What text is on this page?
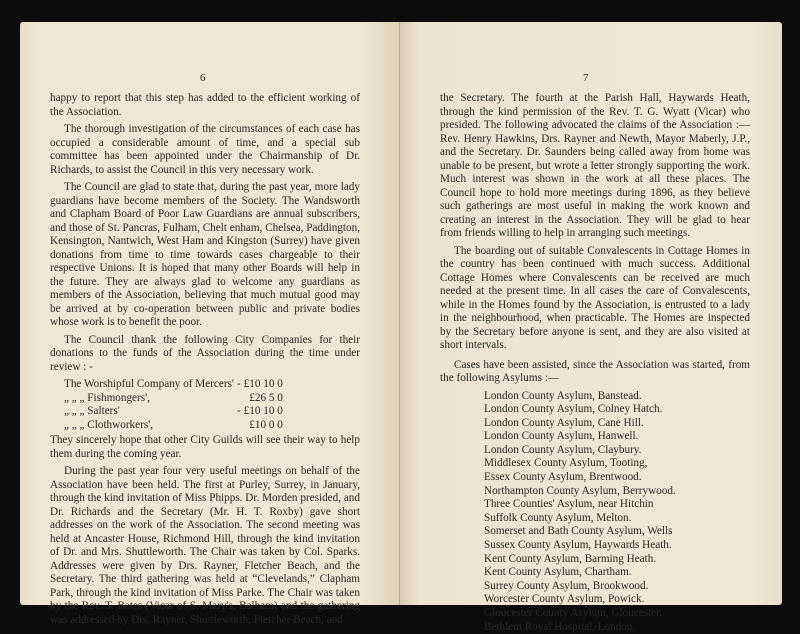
6

happy to report that this step has added to the efficient working of the Association.

The thorough investigation of the circumstances of each case has occupied a considerable amount of time, and a special sub committee has been appointed under the Chairmanship of Dr. Richards, to assist the Council in this very necessary work.

The Council are glad to state that, during the past year, more lady guardians have become members of the Society. The Wandsworth and Clapham Board of Poor Law Guardians are annual subscribers, and those of St. Pancras, Fulham, Chelt enham, Chelsea, Paddington, Kensington, Nantwich, West Ham and Kingston (Surrey) have given donations from time to time towards cases chargeable to their respective Unions. It is hoped that many other Boards will help in the future. They are always glad to welcome any guardians as members of the Association, believing that much mutual good may be arrived at by co-operation between public and private bodies whose work is to benefit the poor.

The Council thank the following City Companies for their donations to the funds of the Association during the time under review : -

The Worshipful Company of Mercers'	-	£10 10 0
„ „ „ Fishmongers',		£26 5 0
„ „ „ Salters'	-	£10 10 0
„ „ „ Clothworkers',		£10 0 0

They sincerely hope that other City Guilds will see their way to help them during the coming year.

During the past year four very useful meetings on behalf of the Association have been held. The first at Purley, Surrey, in January, through the kind invitation of Miss Phipps. Dr. Morden presided, and Dr. Richards and the Secretary (Mr. H. T. Roxby) gave short addresses on the work of the Association. The second meeting was held at Ancaster House, Richmond Hill, through the kind invitation of Dr. and Mrs. Shuttleworth. The Chair was taken by Col. Sparks. Addresses were given by Drs. Rayner, Fletcher Beach, and the Secretary. The third gathering was held at “Clevelands,” Clapham Park, through the kind invitation of Miss Parke. The Chair was taken by the Rev. T. Bates (Vicar of S. Mary's, Balham) and the gathering was addressed by Drs. Rayner, Shuttleworth, Fletcher Beach, and

7

the Secretary. The fourth at the Parish Hall, Haywards Heath, through the kind permission of the Rev. T. G. Wyatt (Vicar) who presided. The following advocated the claims of the Association :—Rev. Henry Hawkins, Drs. Rayner and Newth, Mayor Maberly, J.P., and the Secretary. Dr. Saunders being called away from home was unable to be present, but wrote a letter strongly supporting the work. Much interest was shown in the work at all these places. The Council hope to hold more meetings during 1896, as they believe such gatherings are most useful in making the work known and creating an interest in the Association. They will be glad to hear from friends willing to help in arranging such meetings.

The boarding out of suitable Convalescents in Cottage Homes in the country has been continued with much success. Additional Cottage Homes where Convalescents can be received are much needed at the present time. In all cases the care of Convalescents, while in the Homes found by the Association, is entrusted to a lady in the neighbourhood, when practicable. The Homes are inspected by the Secretary before anyone is sent, and they are also visited at short intervals.

Cases have been assisted, since the Association was started, from the following Asylums :—

London County Asylum, Banstead.
London County Asylum, Colney Hatch.
London County Asylum, Cane Hill.
London County Asylum, Hanwell.
London County Asylum, Claybury.
Middlesex County Asylum, Tooting,
Essex County Asylum, Brentwood.
Northampton County Asylum, Berrywood.
Three Counties' Asylum, near Hitchin
Suffolk County Asylum, Melton.
Somerset and Bath County Asylum, Wells
Sussex County Asylum, Haywards Heath.
Kent County Asylum, Barming Heath.
Kent County Asylum, Chartham.
Surrey County Asylum, Brookwood.
Worcester County Asylum, Powick.
Gloucester County Asylum, Gloucester.
Bethlem Royal Hospital, London.
